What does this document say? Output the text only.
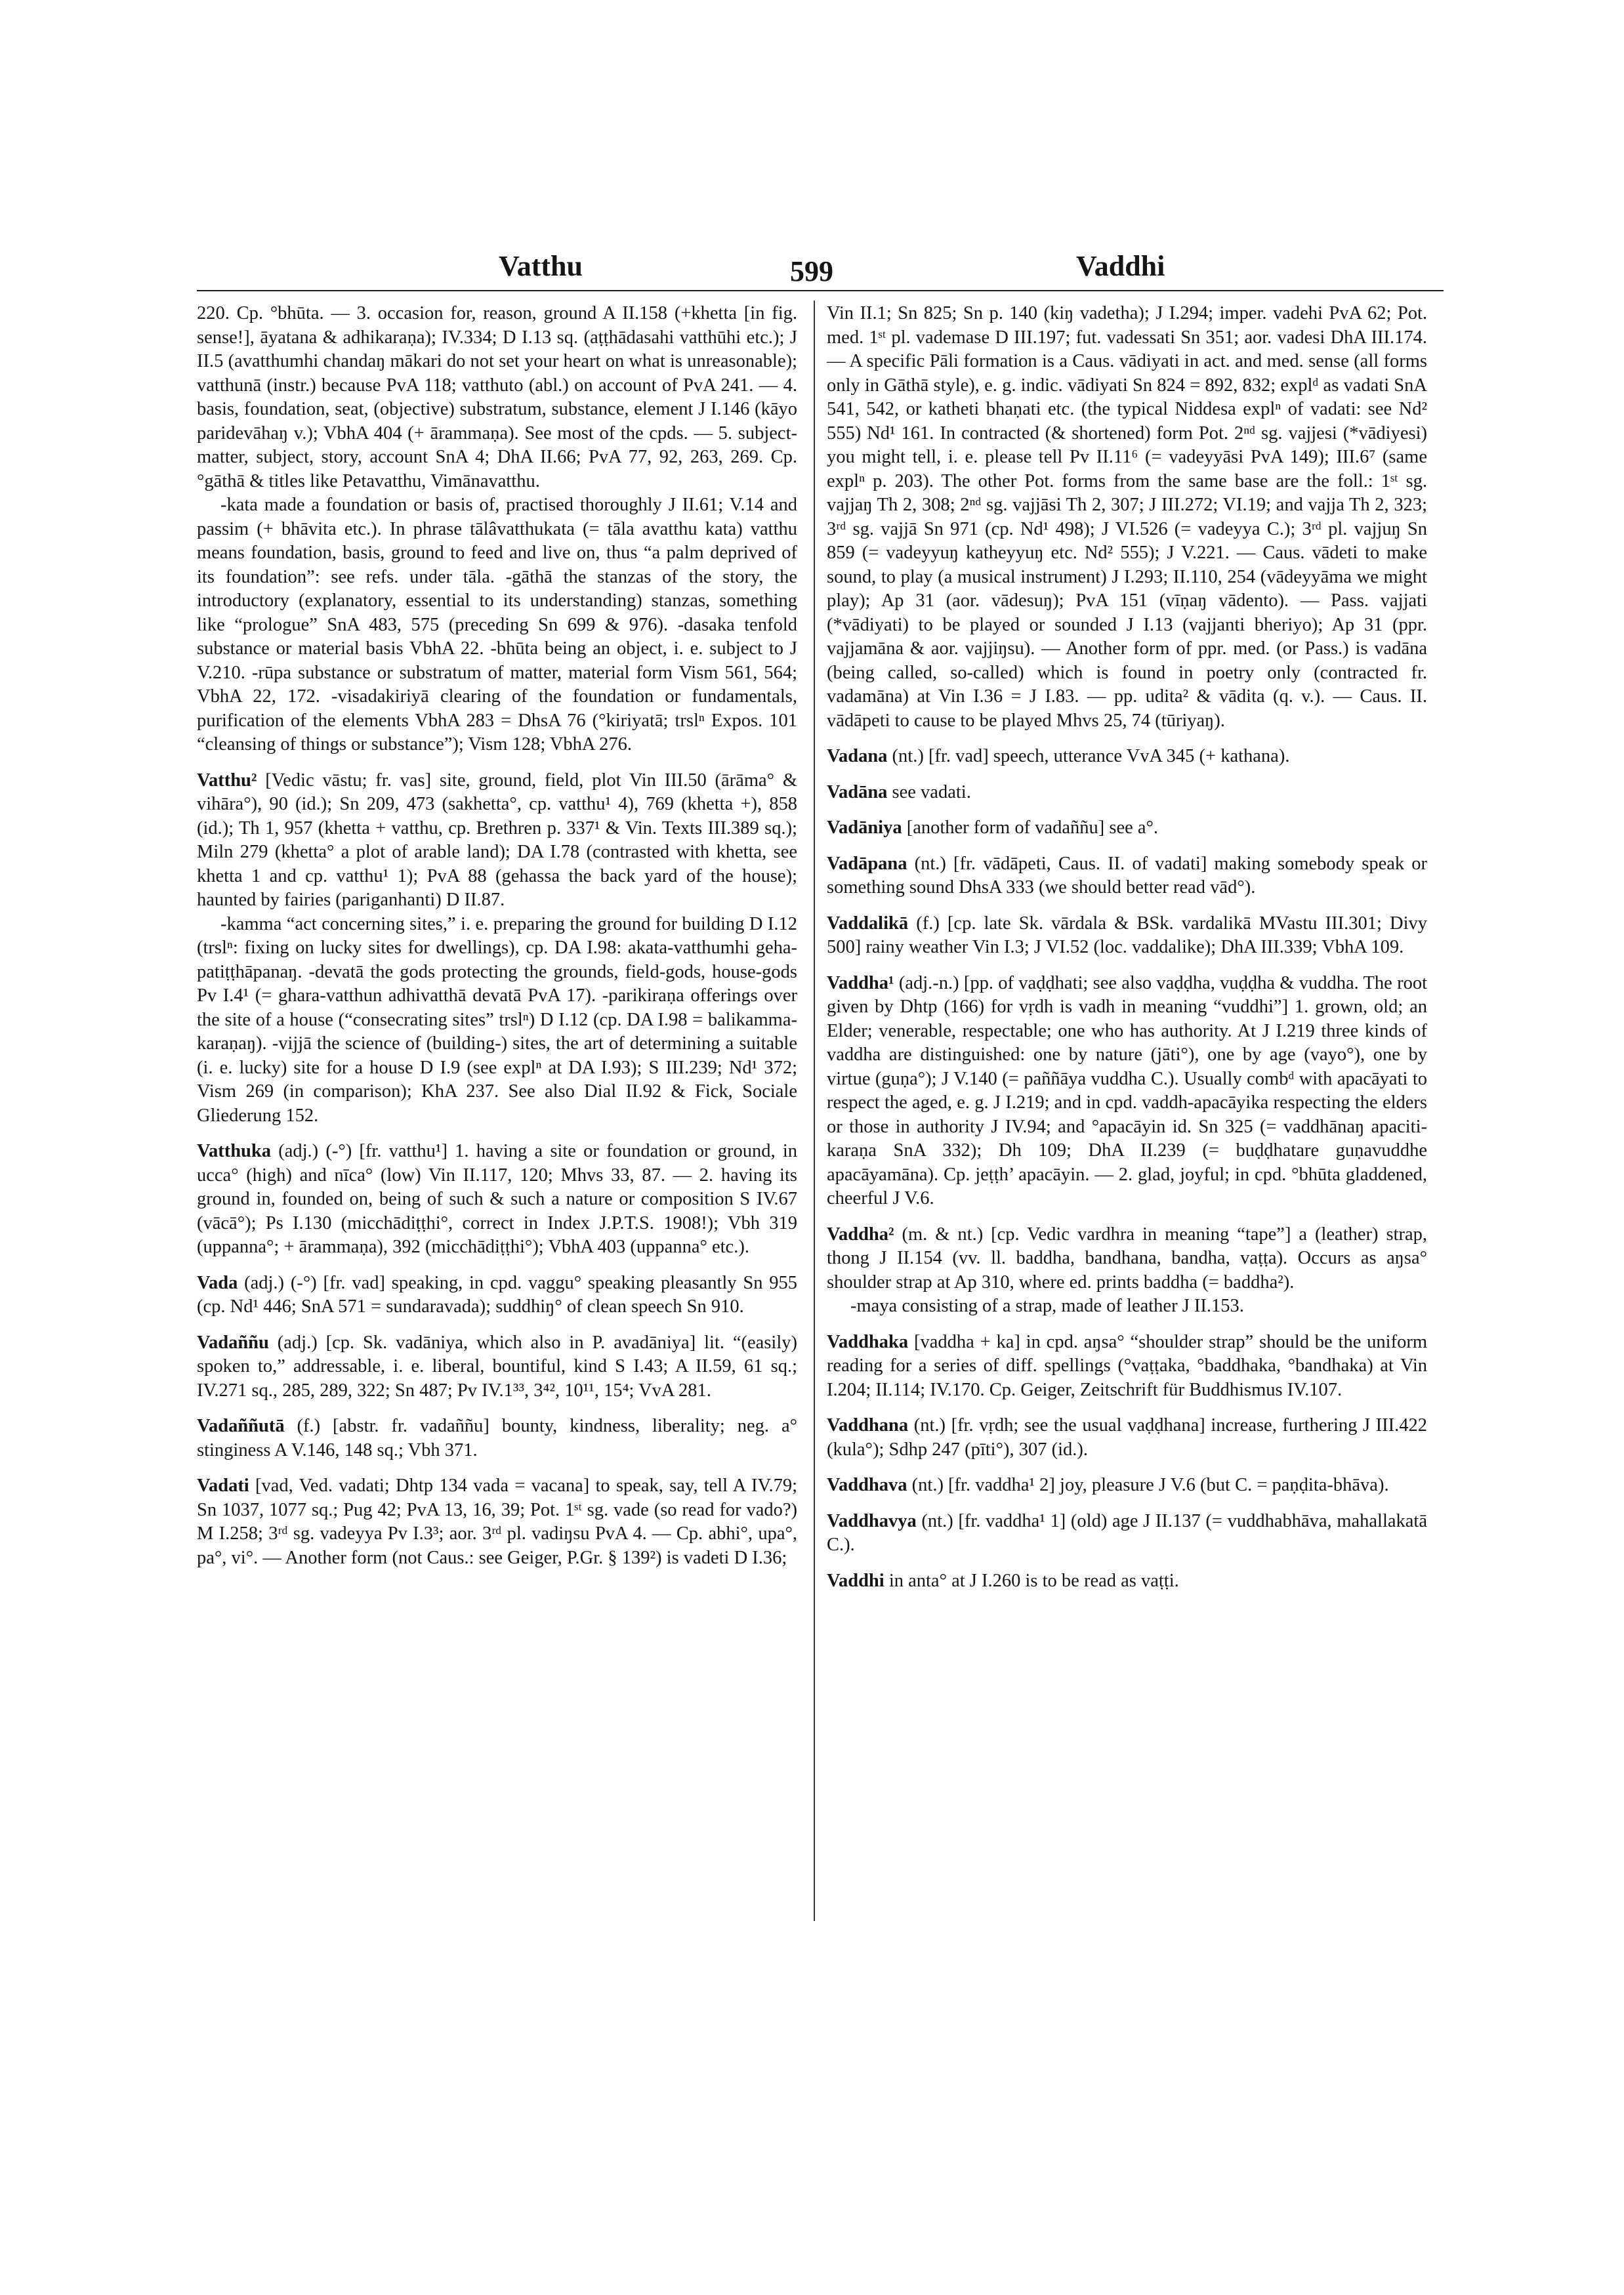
Vatthu	599	Vaddhi

220. Cp. °bhūta. — 3. occasion for, reason, ground A II.158 (+khetta [in fig. sense!], āyatana & adhikaraṇa); IV.334; D I.13 sq. (aṭṭhādasahi vatthūhi etc.); J II.5 (avatthumhi chandaŋ mākari do not set your heart on what is unreasonable); vatthunā (instr.) because PvA 118; vatthuto (abl.) on account of PvA 241. — 4. basis, foundation, seat, (objective) substratum, substance, element J I.146 (kāyo paridevāhaŋ v.); VbhA 404 (+ ārammaṇa). See most of the cpds. — 5. subject-matter, subject, story, account SnA 4; DhA II.66; PvA 77, 92, 263, 269. Cp. °gāthā & titles like Petavatthu, Vimānavatthu.

-kata made a foundation or basis of, practised thoroughly J II.61; V.14 and passim (+ bhāvita etc.). In phrase tālâvatthukata (= tāla avatthu kata) vatthu means foundation, basis, ground to feed and live on, thus “a palm deprived of its foundation”: see refs. under tāla. -gāthā the stanzas of the story, the introductory (explanatory, essential to its understanding) stanzas, something like “prologue” SnA 483, 575 (preceding Sn 699 & 976). -dasaka tenfold substance or material basis VbhA 22. -bhūta being an object, i. e. subject to J V.210. -rūpa substance or substratum of matter, material form Vism 561, 564; VbhA 22, 172. -visadakiriyā clearing of the foundation or fundamentals, purification of the elements VbhA 283 = DhsA 76 (°kiriyatā; trslⁿ Expos. 101 “cleansing of things or substance”); Vism 128; VbhA 276.

Vatthu² [Vedic vāstu; fr. vas] site, ground, field, plot Vin III.50 (ārāma° & vihāra°), 90 (id.); Sn 209, 473 (sakhetta°, cp. vatthu¹ 4), 769 (khetta +), 858 (id.); Th 1, 957 (khetta + vatthu, cp. Brethren p. 337¹ & Vin. Texts III.389 sq.); Miln 279 (khetta° a plot of arable land); DA I.78 (contrasted with khetta, see khetta 1 and cp. vatthu¹ 1); PvA 88 (gehassa the back yard of the house); haunted by fairies (pariganhanti) D II.87.

-kamma “act concerning sites,” i. e. preparing the ground for building D I.12 (trslⁿ: fixing on lucky sites for dwellings), cp. DA I.98: akata-vatthumhi geha-patiṭṭhāpanaŋ. -devatā the gods protecting the grounds, field-gods, house-gods Pv I.4¹ (= ghara-vatthun adhivatthā devatā PvA 17). -parikiraṇa offerings over the site of a house (“consecrating sites” trslⁿ) D I.12 (cp. DA I.98 = balikamma-karaṇaŋ). -vijjā the science of (building-) sites, the art of determining a suitable (i. e. lucky) site for a house D I.9 (see explⁿ at DA I.93); S III.239; Nd¹ 372; Vism 269 (in comparison); KhA 237. See also Dial II.92 & Fick, Sociale Gliederung 152.

Vatthuka (adj.) (-°) [fr. vatthu¹] 1. having a site or foundation or ground, in ucca° (high) and nīca° (low) Vin II.117, 120; Mhvs 33, 87. — 2. having its ground in, founded on, being of such & such a nature or composition S IV.67 (vācā°); Ps I.130 (micchādiṭṭhi°, correct in Index J.P.T.S. 1908!); Vbh 319 (uppanna°; + ārammaṇa), 392 (micchādiṭṭhi°); VbhA 403 (uppanna° etc.).

Vada (adj.) (-°) [fr. vad] speaking, in cpd. vaggu° speaking pleasantly Sn 955 (cp. Nd¹ 446; SnA 571 = sundaravada); suddhiŋ° of clean speech Sn 910.

Vadaññu (adj.) [cp. Sk. vadāniya, which also in P. avadāniya] lit. “(easily) spoken to,” addressable, i. e. liberal, bountiful, kind S I.43; A II.59, 61 sq.; IV.271 sq., 285, 289, 322; Sn 487; Pv IV.1³³, 3⁴², 10¹¹, 15⁴; VvA 281.

Vadaññutā (f.) [abstr. fr. vadaññu] bounty, kindness, liberality; neg. a° stinginess A V.146, 148 sq.; Vbh 371.

Vadati [vad, Ved. vadati; Dhtp 134 vada = vacana] to speak, say, tell A IV.79; Sn 1037, 1077 sq.; Pug 42; PvA 13, 16, 39; Pot. 1ˢᵗ sg. vade (so read for vado?) M I.258; 3ʳᵈ sg. vadeyya Pv I.3³; aor. 3ʳᵈ pl. vadiŋsu PvA 4. — Cp. abhi°, upa°, pa°, vi°. — Another form (not Caus.: see Geiger, P.Gr. § 139²) is vadeti D I.36;

Vin II.1; Sn 825; Sn p. 140 (kiŋ vadetha); J I.294; imper. vadehi PvA 62; Pot. med. 1ˢᵗ pl. vademase D III.197; fut. vadessati Sn 351; aor. vadesi DhA III.174. — A specific Pāli formation is a Caus. vādiyati in act. and med. sense (all forms only in Gāthā style), e. g. indic. vādiyati Sn 824 = 892, 832; explᵈ as vadati SnA 541, 542, or katheti bhaṇati etc. (the typical Niddesa explⁿ of vadati: see Nd² 555) Nd¹ 161. In contracted (& shortened) form Pot. 2ⁿᵈ sg. vajjesi (*vādiyesi) you might tell, i. e. please tell Pv II.11⁶ (= vadeyyāsi PvA 149); III.6⁷ (same explⁿ p. 203). The other Pot. forms from the same base are the foll.: 1ˢᵗ sg. vajjaŋ Th 2, 308; 2ⁿᵈ sg. vajjāsi Th 2, 307; J III.272; VI.19; and vajja Th 2, 323; 3ʳᵈ sg. vajjā Sn 971 (cp. Nd¹ 498); J VI.526 (= vadeyya C.); 3ʳᵈ pl. vajjuŋ Sn 859 (= vadeyyuŋ katheyyuŋ etc. Nd² 555); J V.221. — Caus. vādeti to make sound, to play (a musical instrument) J I.293; II.110, 254 (vādeyyāma we might play); Ap 31 (aor. vādesuŋ); PvA 151 (vīṇaŋ vādento). — Pass. vajjati (*vādiyati) to be played or sounded J I.13 (vajjanti bheriyo); Ap 31 (ppr. vajjamāna & aor. vajjiŋsu). — Another form of ppr. med. (or Pass.) is vadāna (being called, so-called) which is found in poetry only (contracted fr. vadamāna) at Vin I.36 = J I.83. — pp. udita² & vādita (q. v.). — Caus. II. vādāpeti to cause to be played Mhvs 25, 74 (tūriyaŋ).

Vadana (nt.) [fr. vad] speech, utterance VvA 345 (+ kathana).

Vadāna see vadati.

Vadāniya [another form of vadaññu] see a°.

Vadāpana (nt.) [fr. vādāpeti, Caus. II. of vadati] making somebody speak or something sound DhsA 333 (we should better read vād°).

Vaddalikā (f.) [cp. late Sk. vārdala & BSk. vardalikā MVastu III.301; Divy 500] rainy weather Vin I.3; J VI.52 (loc. vaddalike); DhA III.339; VbhA 109.

Vaddha¹ (adj.-n.) [pp. of vaḍḍhati; see also vaḍḍha, vuḍḍha & vuddha. The root given by Dhtp (166) for vṛdh is vadh in meaning “vuddhi”] 1. grown, old; an Elder; venerable, respectable; one who has authority. At J I.219 three kinds of vaddha are distinguished: one by nature (jāti°), one by age (vayo°), one by virtue (guṇa°); J V.140 (= paññāya vuddha C.). Usually combᵈ with apacāyati to respect the aged, e. g. J I.219; and in cpd. vaddh-apacāyika respecting the elders or those in authority J IV.94; and °apacāyin id. Sn 325 (= vaddhānaŋ apaciti-karaṇa SnA 332); Dh 109; DhA II.239 (= buḍḍhatare guṇavuddhe apacāyamāna). Cp. jeṭṭh’ apacāyin. — 2. glad, joyful; in cpd. °bhūta gladdened, cheerful J V.6.

Vaddha² (m. & nt.) [cp. Vedic vardhra in meaning “tape”] a (leather) strap, thong J II.154 (vv. ll. baddha, bandhana, bandha, vaṭṭa). Occurs as aŋsa° shoulder strap at Ap 310, where ed. prints baddha (= baddha²).

-maya consisting of a strap, made of leather J II.153.

Vaddhaka [vaddha + ka] in cpd. aŋsa° “shoulder strap” should be the uniform reading for a series of diff. spellings (°vaṭṭaka, °baddhaka, °bandhaka) at Vin I.204; II.114; IV.170. Cp. Geiger, Zeitschrift für Buddhismus IV.107.

Vaddhana (nt.) [fr. vṛdh; see the usual vaḍḍhana] increase, furthering J III.422 (kula°); Sdhp 247 (pīti°), 307 (id.).

Vaddhava (nt.) [fr. vaddha¹ 2] joy, pleasure J V.6 (but C. = paṇḍita-bhāva).

Vaddhavya (nt.) [fr. vaddha¹ 1] (old) age J II.137 (= vuddhabhāva, mahallakatā C.).

Vaddhi in anta° at J I.260 is to be read as vaṭṭi.
